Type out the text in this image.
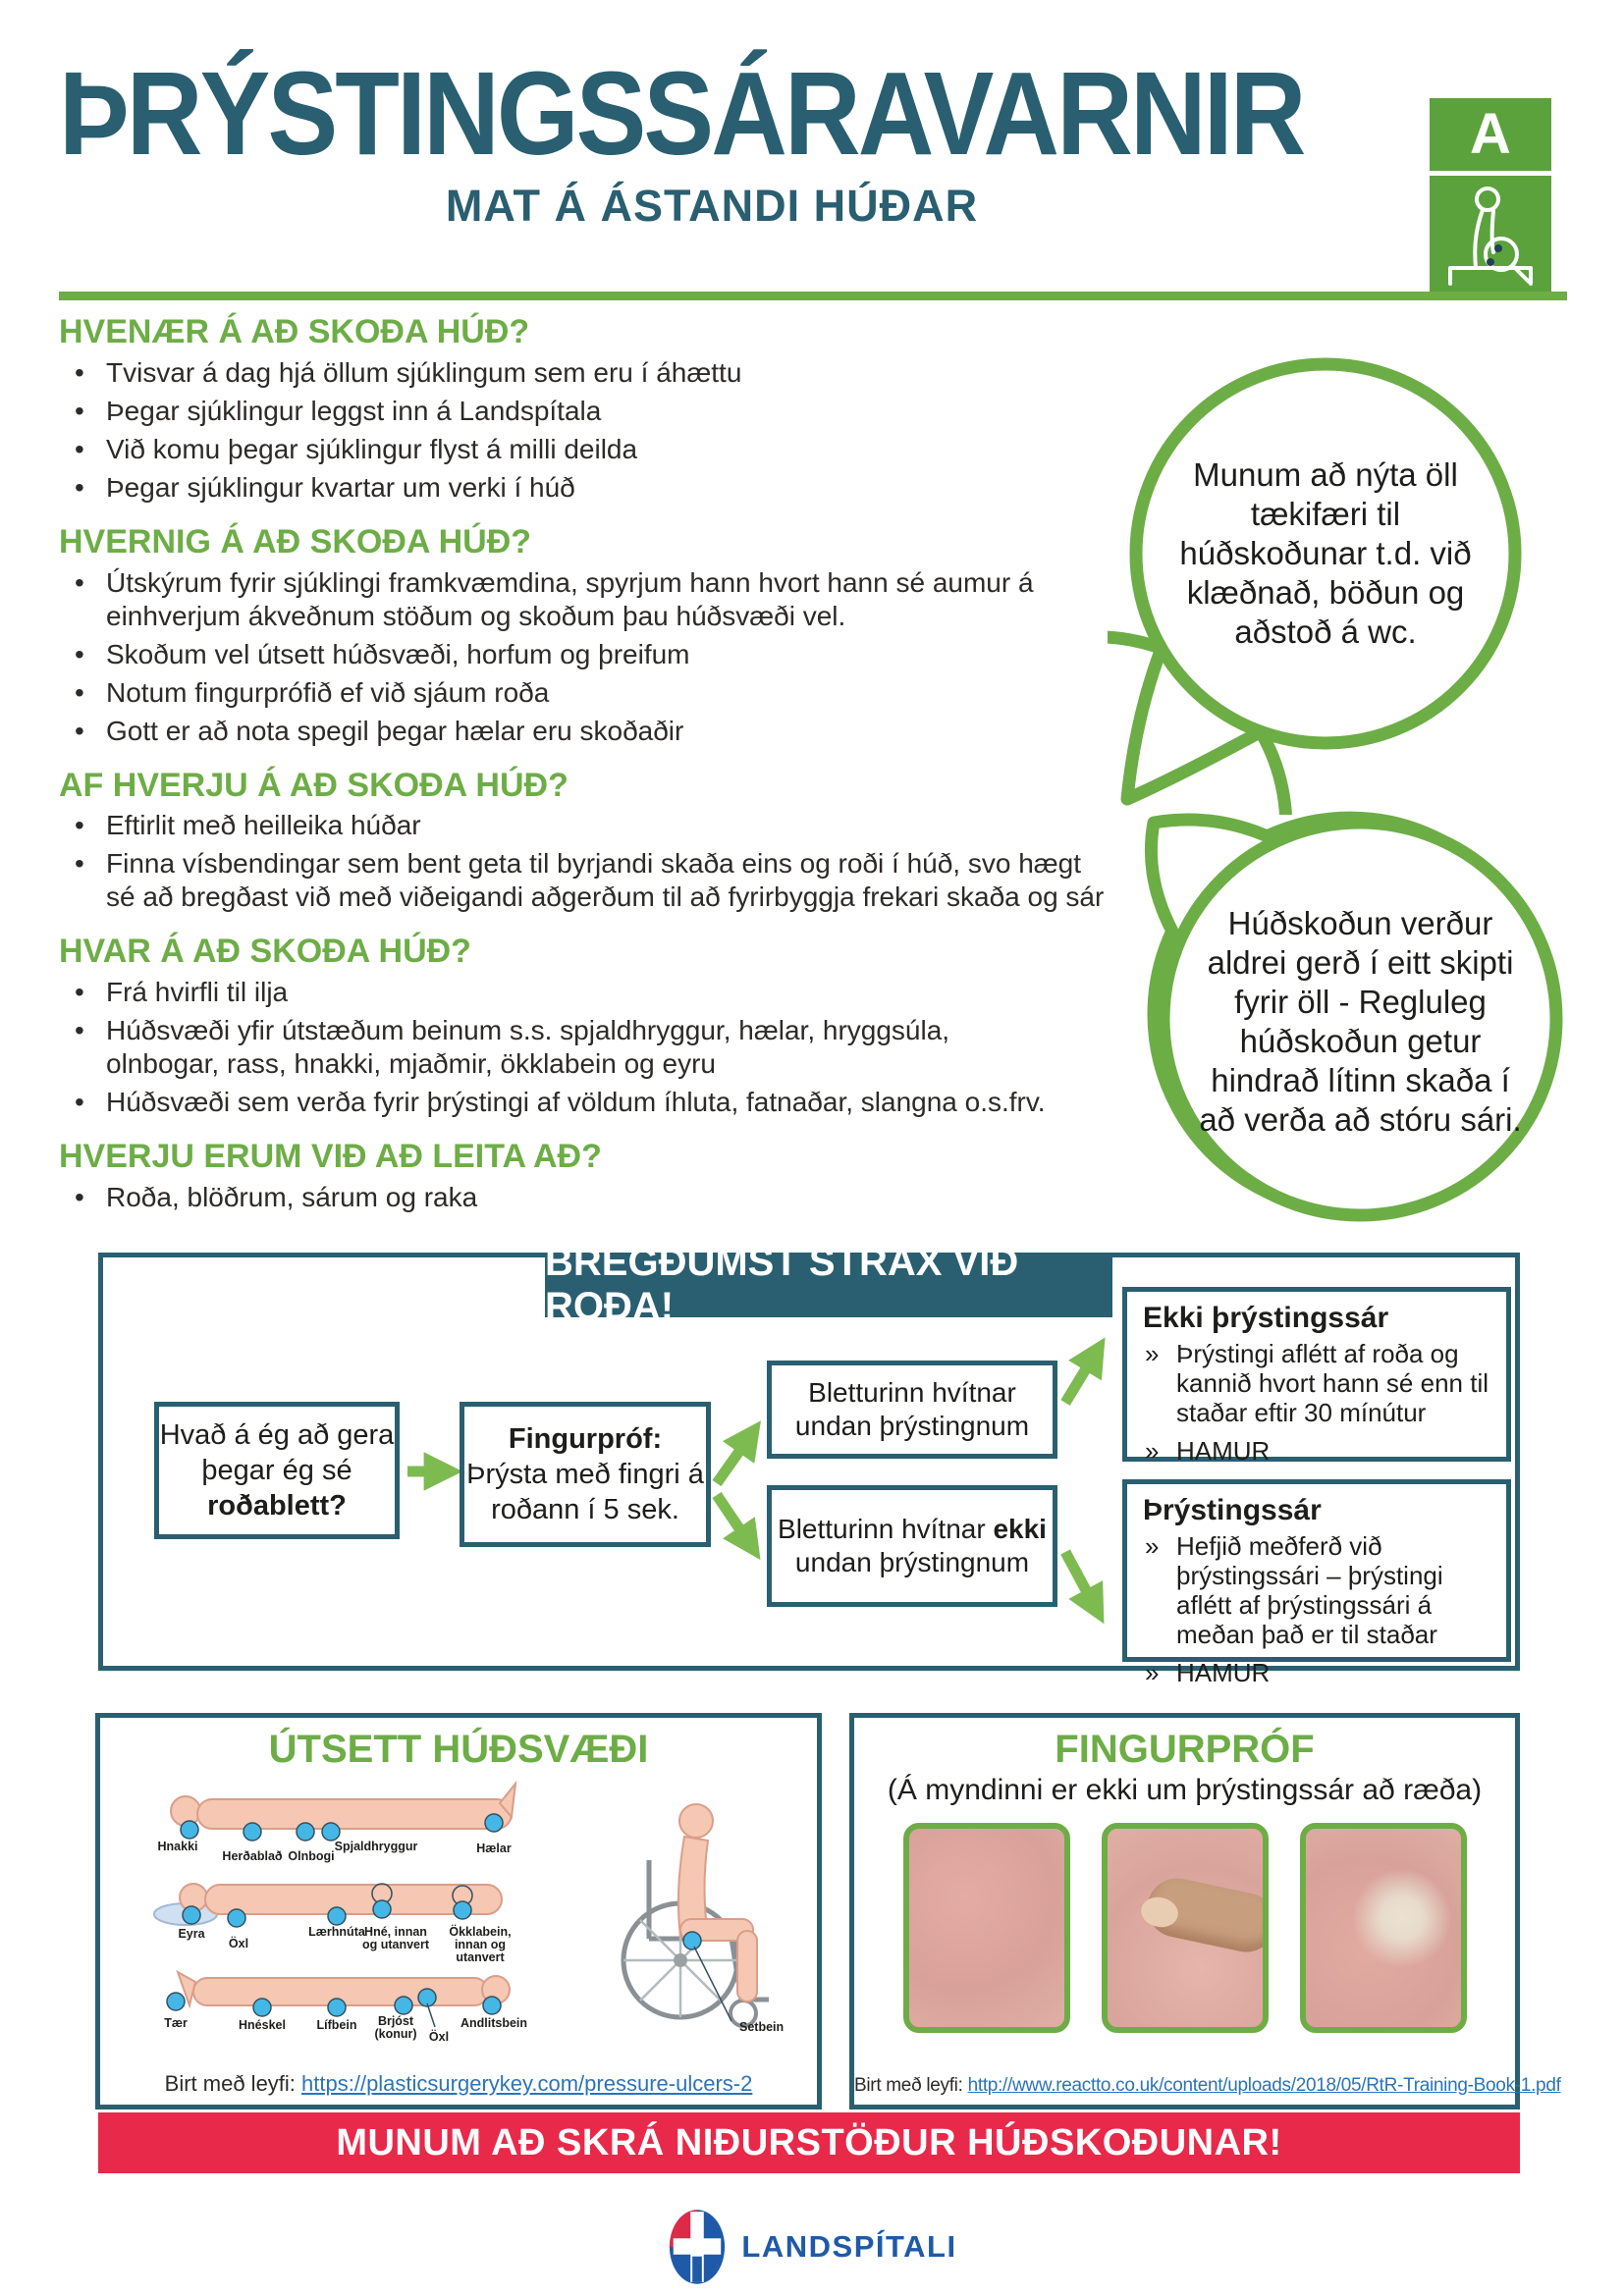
ÞRÝSTINGSSÁRAVARNIR
MAT Á ÁSTANDI HÚÐAR
A
HVENÆR Á AÐ SKOÐA HÚÐ?
• Tvisvar á dag hjá öllum sjúklingum sem eru í áhættu
• Þegar sjúklingur leggst inn á Landspítala
• Við komu þegar sjúklingur flyst á milli deilda
• Þegar sjúklingur kvartar um verki í húð
HVERNIG Á AÐ SKOÐA HÚÐ?
• Útskýrum fyrir sjúklingi framkvæmdina, spyrjum hann hvort hann sé aumur á einhverjum ákveðnum stöðum og skoðum þau húðsvæði vel.
• Skoðum vel útsett húðsvæði, horfum og þreifum
• Notum fingurprófið ef við sjáum roða
• Gott er að nota spegil þegar hælar eru skoðaðir
AF HVERJU Á AÐ SKOÐA HÚÐ?
• Eftirlit með heilleika húðar
• Finna vísbendingar sem bent geta til byrjandi skaða eins og roði í húð, svo hægt sé að bregðast við með viðeigandi aðgerðum til að fyrirbyggja frekari skaða og sár
HVAR Á AÐ SKOÐA HÚÐ?
• Frá hvirfli til ilja
• Húðsvæði yfir útstæðum beinum s.s. spjaldhryggur, hælar, hryggsúla, olnbogar, rass, hnakki, mjaðmir, ökklabein og eyru
• Húðsvæði sem verða fyrir þrýstingi af völdum íhluta, fatnaðar, slangna o.s.frv.
HVERJU ERUM VIÐ AÐ LEITA AÐ?
• Roða, blöðrum, sárum og raka
Munum að nýta öll tækifæri til húðskoðunar t.d. við klæðnað, böðun og aðstoð á wc.
Húðskoðun verður aldrei gerð í eitt skipti fyrir öll - Regluleg húðskoðun getur hindrað lítinn skaða í að verða að stóru sári.
BREGÐUMST STRAX VIÐ ROÐA!
Hvað á ég að gera þegar ég sé roðablett?
Fingurpróf:
Þrýsta með fingri á roðann í 5 sek.
Bletturinn hvítnar undan þrýstingnum
Bletturinn hvítnar ekki undan þrýstingnum
Ekki þrýstingssár
» Þrýstingi aflétt af roða og kannið hvort hann sé enn til staðar eftir 30 mínútur
» HAMUR
Þrýstingssár
» Hefjið meðferð við þrýstingssári – þrýstingi aflétt af þrýstingssári á meðan það er til staðar
» HAMUR
ÚTSETT HÚÐSVÆÐI
Hnakki
Herðablað Olnbogi
Spjaldhryggur	Hælar
Eyra
Öxl
Lærhnúta Hné, innan og utanvert
Ökklabein, innan og utanvert
Tær	Hnéskel	Lífbein Brjóst (konur) Öxl
Andlitsbein	Setbein
Birt með leyfi: https://plasticsurgerykey.com/pressure-ulcers-2
FINGURPRÓF
(Á myndinni er ekki um þrýstingssár að ræða)
Birt með leyfi: http://www.reactto.co.uk/content/uploads/2018/05/RtR-Training-Book-1.pdf
MUNUM AÐ SKRÁ NIÐURSTÖÐUR HÚÐSKOÐUNAR!
LANDSPÍTALI
